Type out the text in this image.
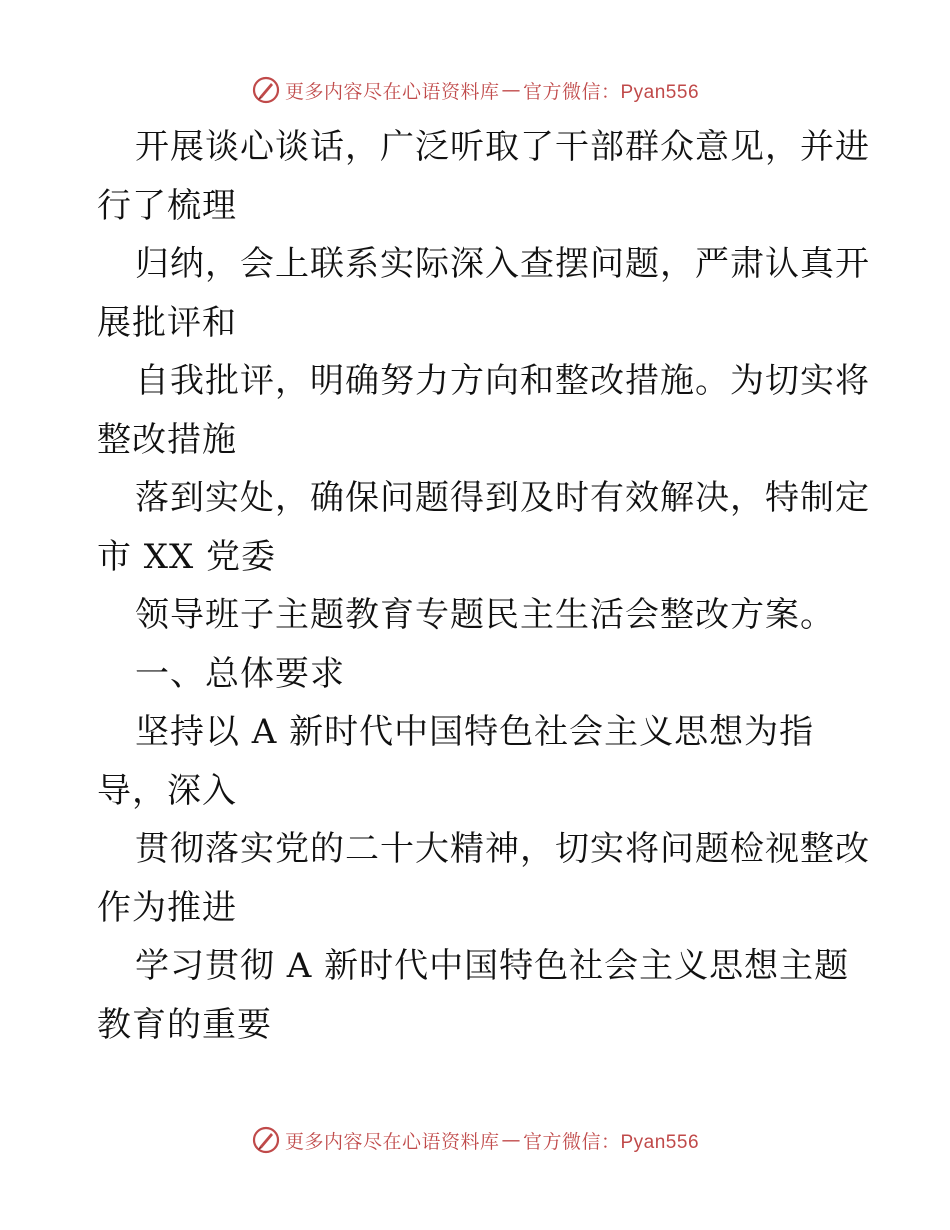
更多内容尽在心语资料库 — 官方微信：Pyan556
开展谈心谈话，广泛听取了干部群众意见，并进
行了梳理
归纳，会上联系实际深入查摆问题，严肃认真开
展批评和
自我批评，明确努力方向和整改措施。为切实将
整改措施
落到实处，确保问题得到及时有效解决，特制定
市 XX 党委
领导班子主题教育专题民主生活会整改方案。
一、总体要求
坚持以 A 新时代中国特色社会主义思想为指
导，深入
贯彻落实党的二十大精神，切实将问题检视整改
作为推进
学习贯彻 A 新时代中国特色社会主义思想主题
教育的重要
更多内容尽在心语资料库 — 官方微信：Pyan556
